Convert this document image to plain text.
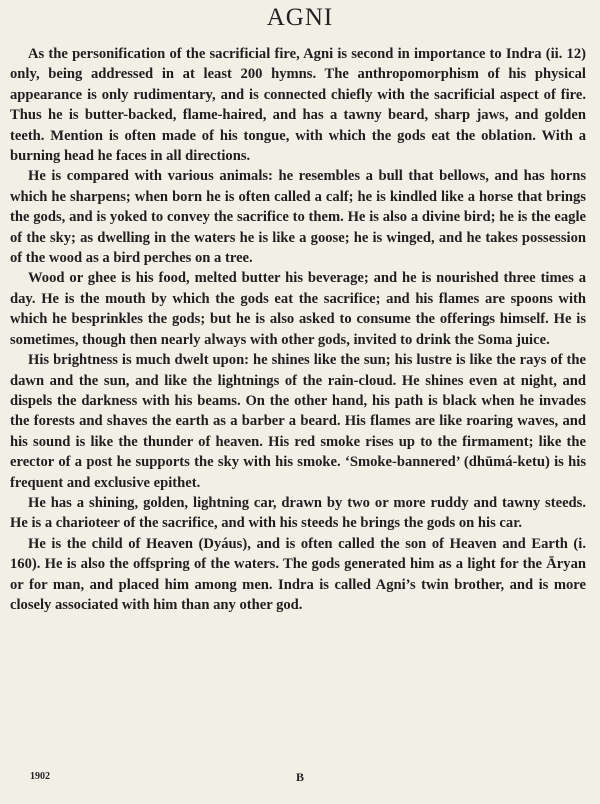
AGNI

As the personification of the sacrificial fire, Agni is second in importance to Indra (ii. 12) only, being addressed in at least 200 hymns. The anthropomorphism of his physical appearance is only rudimentary, and is connected chiefly with the sacrificial aspect of fire. Thus he is butter-backed, flame-haired, and has a tawny beard, sharp jaws, and golden teeth. Mention is often made of his tongue, with which the gods eat the oblation. With a burning head he faces in all directions.

He is compared with various animals: he resembles a bull that bellows, and has horns which he sharpens; when born he is often called a calf; he is kindled like a horse that brings the gods, and is yoked to convey the sacrifice to them. He is also a divine bird; he is the eagle of the sky; as dwelling in the waters he is like a goose; he is winged, and he takes possession of the wood as a bird perches on a tree.

Wood or ghee is his food, melted butter his beverage; and he is nourished three times a day. He is the mouth by which the gods eat the sacrifice; and his flames are spoons with which he besprinkles the gods; but he is also asked to consume the offerings himself. He is sometimes, though then nearly always with other gods, invited to drink the Soma juice.

His brightness is much dwelt upon: he shines like the sun; his lustre is like the rays of the dawn and the sun, and like the lightnings of the rain-cloud. He shines even at night, and dispels the darkness with his beams. On the other hand, his path is black when he invades the forests and shaves the earth as a barber a beard. His flames are like roaring waves, and his sound is like the thunder of heaven. His red smoke rises up to the firmament; like the erector of a post he supports the sky with his smoke. ‘Smoke-bannered’ (dhūmá-ketu) is his frequent and exclusive epithet.

He has a shining, golden, lightning car, drawn by two or more ruddy and tawny steeds. He is a charioteer of the sacrifice, and with his steeds he brings the gods on his car.

He is the child of Heaven (Dyáus), and is often called the son of Heaven and Earth (i. 160). He is also the offspring of the waters. The gods generated him as a light for the Āryan or for man, and placed him among men. Indra is called Agni’s twin brother, and is more closely associated with him than any other god.

1902	B
